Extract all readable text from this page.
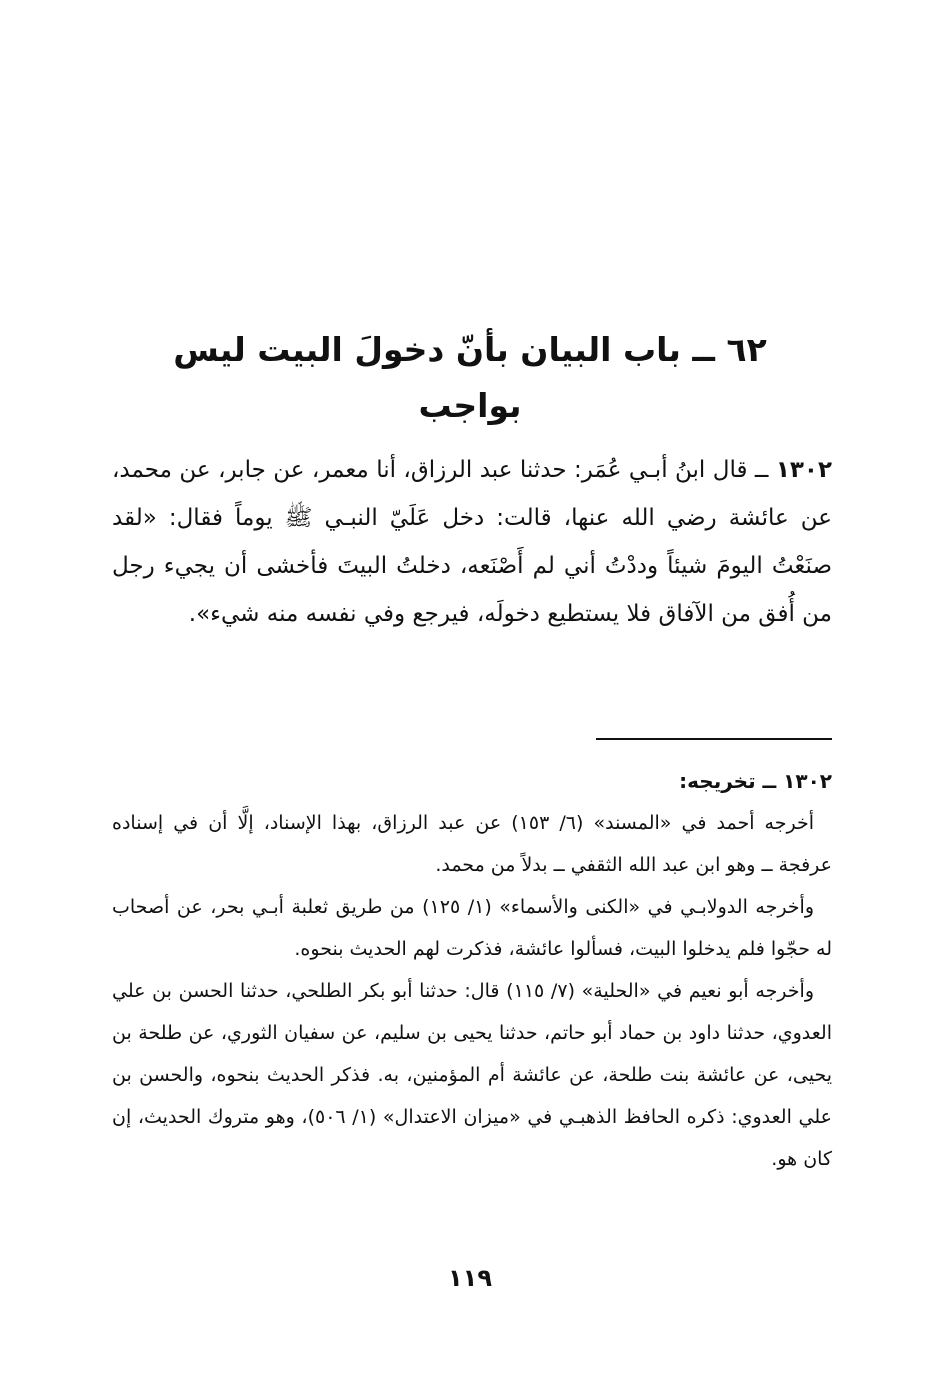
٦٢ ــ باب البيان بأنّ دخولَ البيت ليس بواجب
١٣٠٢ ــ قال ابنُ أبـي عُمَر: حدثنا عبد الرزاق، أنا معمر، عن جابر، عن محمد، عن عائشة رضي الله عنها، قالت: دخل عَلَيّ النبـي ﷺ يوماً فقال: «لقد صنَعْتُ اليومَ شيئاً وددْتُ أني لم أَصْنَعه، دخلتُ البيتَ فأخشى أن يجيء رجل من أُفق من الآفاق فلا يستطيع دخولَه، فيرجع وفي نفسه منه شيء».

١٣٠٢ ــ تخريجه:

أخرجه أحمد في «المسند» (٦/ ١٥٣) عن عبد الرزاق، بهذا الإسناد، إلَّا أن في إسناده عرفجة ــ وهو ابن عبد الله الثقفي ــ بدلاً من محمد.

وأخرجه الدولابـي في «الكنى والأسماء» (١/ ١٢٥) من طريق ثعلبة أبـي بحر، عن أصحاب له حجّوا فلم يدخلوا البيت، فسألوا عائشة، فذكرت لهم الحديث بنحوه.

وأخرجه أبو نعيم في «الحلية» (٧/ ١١٥) قال: حدثنا أبو بكر الطلحي، حدثنا الحسن بن علي العدوي، حدثنا داود بن حماد أبو حاتم، حدثنا يحيى بن سليم، عن سفيان الثوري، عن طلحة بن يحيى، عن عائشة بنت طلحة، عن عائشة أم المؤمنين، به. فذكر الحديث بنحوه، والحسن بن علي العدوي: ذكره الحافظ الذهبـي في «ميزان الاعتدال» (١/ ٥٠٦)، وهو متروك الحديث، إن كان هو.

١١٩
